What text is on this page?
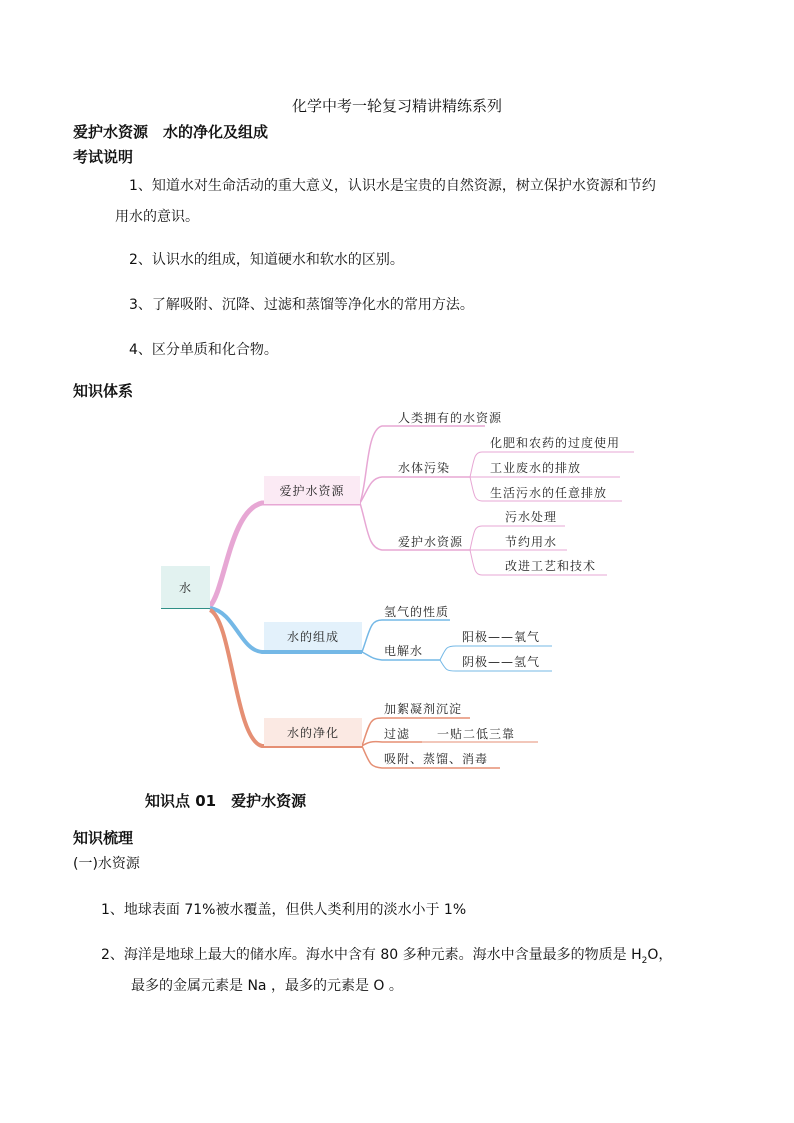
化学中考一轮复习精讲精练系列
爱护水资源　水的净化及组成
考试说明
1、知道水对生命活动的重大意义，认识水是宝贵的自然资源，树立保护水资源和节约
用水的意识。
2、认识水的组成，知道硬水和软水的区别。
3、了解吸附、沉降、过滤和蒸馏等净化水的常用方法。
4、区分单质和化合物。
知识体系
水
爱护水资源
水的组成
水的净化
人类拥有的水资源
水体污染
爱护水资源
化肥和农药的过度使用
工业废水的排放
生活污水的任意排放
污水处理
节约用水
改进工艺和技术
氢气的性质
电解水
阳极——氧气
阴极——氢气
加絮凝剂沉淀
过滤 一贴二低三靠
吸附、蒸馏、消毒
知识点 01　爱护水资源
知识梳理
(一)水资源
1、地球表面 71%被水覆盖，但供人类利用的淡水小于 1%
2、海洋是地球上最大的储水库。海水中含有 80 多种元素。海水中含量最多的物质是 $H_2O$，
最多的金属元素是 Na ，最多的元素是 O 。
